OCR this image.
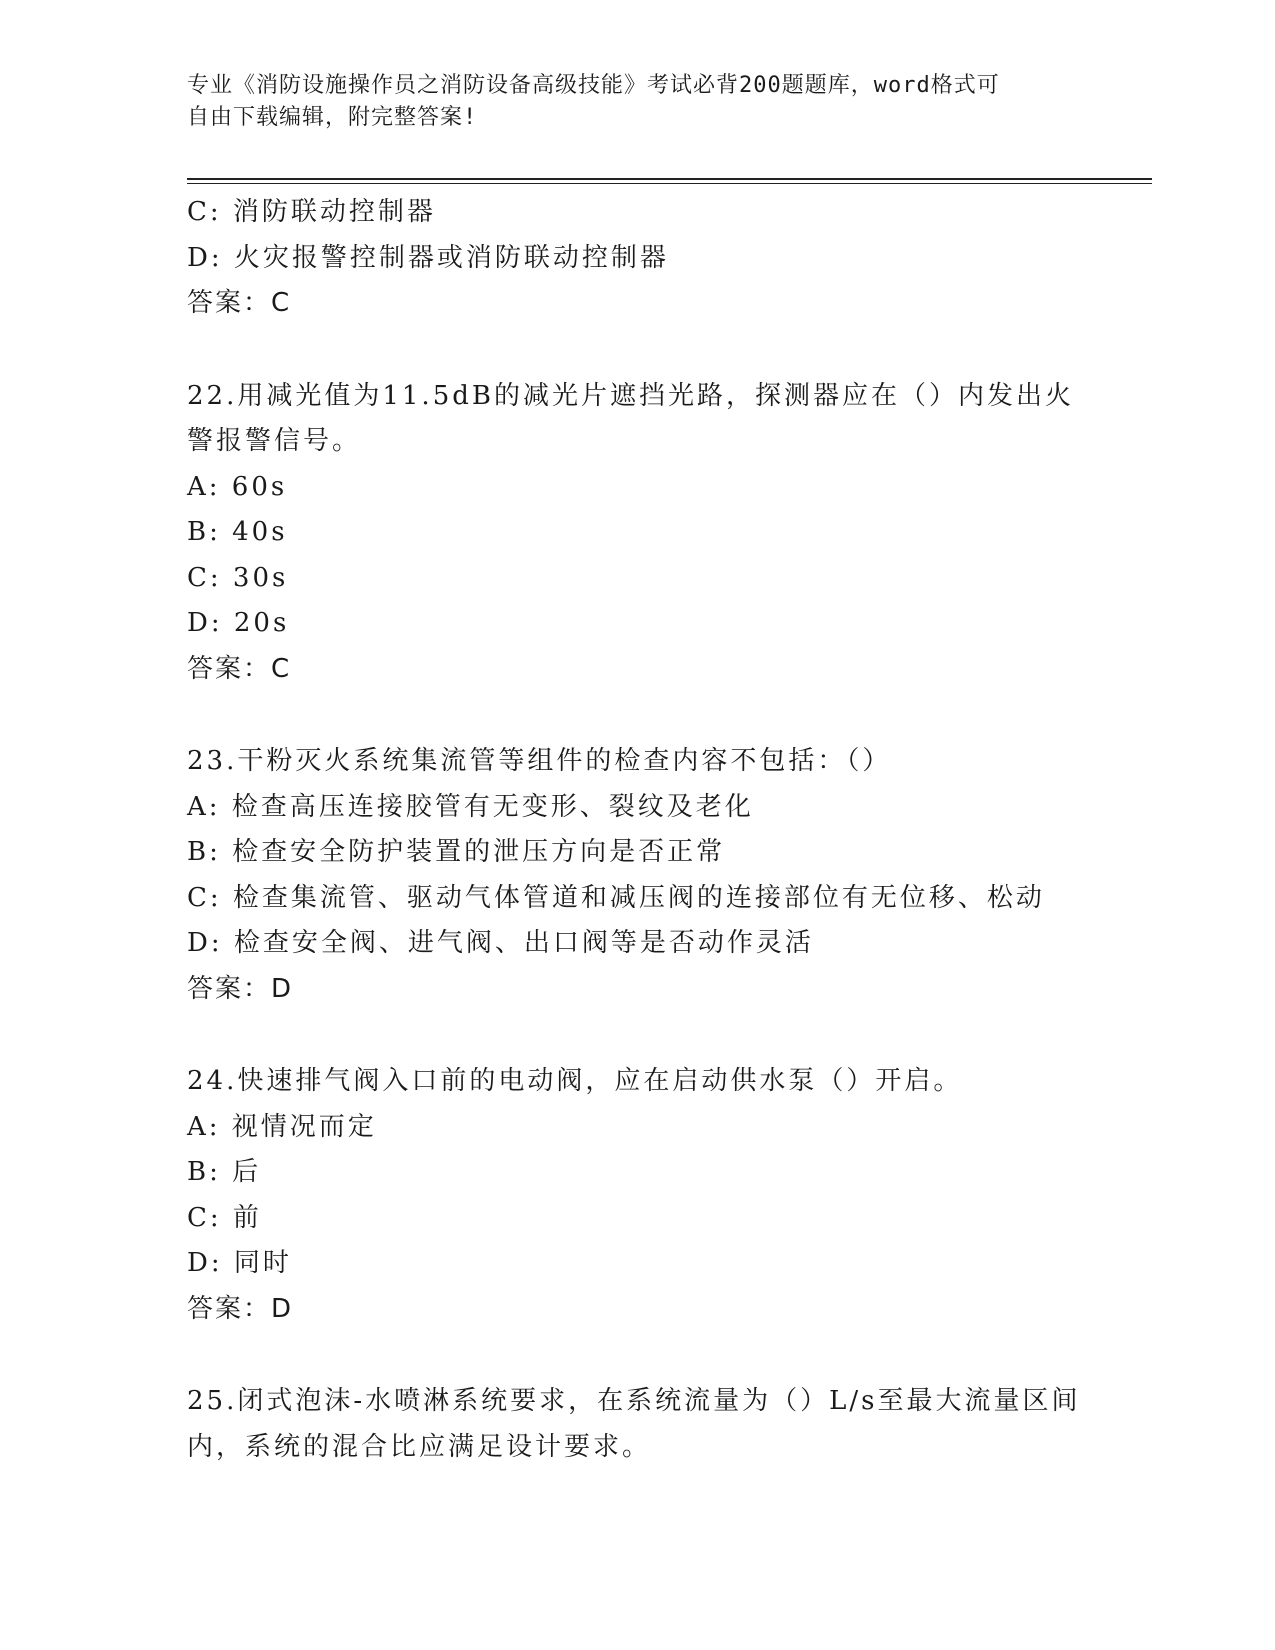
专业《消防设施操作员之消防设备高级技能》考试必背200题题库，word格式可
自由下载编辑，附完整答案!
C: 消防联动控制器
D: 火灾报警控制器或消防联动控制器
答案：C
22.用减光值为11.5dB的减光片遮挡光路，探测器应在（）内发出火
警报警信号。
A: 60s
B: 40s
C: 30s
D: 20s
答案：C
23.干粉灭火系统集流管等组件的检查内容不包括：（）
A: 检查高压连接胶管有无变形、裂纹及老化
B: 检查安全防护装置的泄压方向是否正常
C: 检查集流管、驱动气体管道和减压阀的连接部位有无位移、松动
D: 检查安全阀、进气阀、出口阀等是否动作灵活
答案：D
24.快速排气阀入口前的电动阀，应在启动供水泵（）开启。
A: 视情况而定
B: 后
C: 前
D: 同时
答案：D
25.闭式泡沫-水喷淋系统要求，在系统流量为（）L/s至最大流量区间
内，系统的混合比应满足设计要求。
